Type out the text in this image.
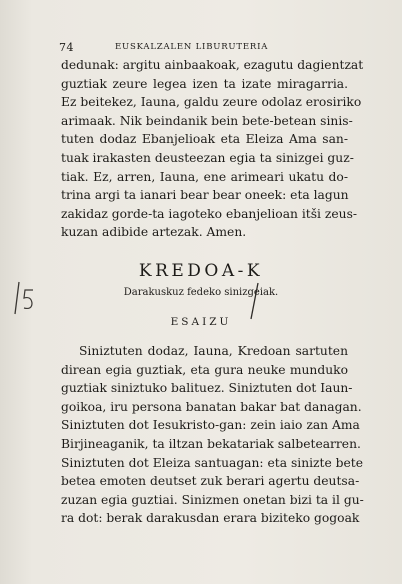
74	EUSKALZALEN LIBURUTERIA
dedunak: argitu ainbaakoak, ezagutu dagientzat
guztiak zeure legea izen ta izate miragarria.
Ez beitekez, Iauna, galdu zeure odolaz erosiriko
arimaak. Nik beindanik bein bete-betean sinis-
tuten dodaz Ebanjelioak eta Eleiza Ama san-
tuak irakasten deusteezan egia ta sinizgei guz-
tiak. Ez, arren, Iauna, ene arimeari ukatu do-
trina argi ta ianari bear bear oneek: eta lagun
zakidaz gorde-ta iagoteko ebanjelioan itši zeus-
kuzan adibide artezak. Amen.
KREDOA-K
Darakuskuz fedeko sinizgeiak.
ESAIZU
Siniztuten dodaz, Iauna, Kredoan sartuten
direan egia guztiak, eta gura neuke munduko
guztiak siniztuko balituez. Siniztuten dot Iaun-
goikoa, iru persona banatan bakar bat danagan.
Siniztuten dot Iesukristo-gan: zein iaio zan Ama
Birjineaganik, ta iltzan bekatariak salbetearren.
Siniztuten dot Eleiza santuagan: eta sinizte bete
betea emoten deutset zuk berari agertu deutsa-
zuzan egia guztiai. Sinizmen onetan bizi ta il gu-
ra dot: berak darakusdan erara biziteko gogoak
